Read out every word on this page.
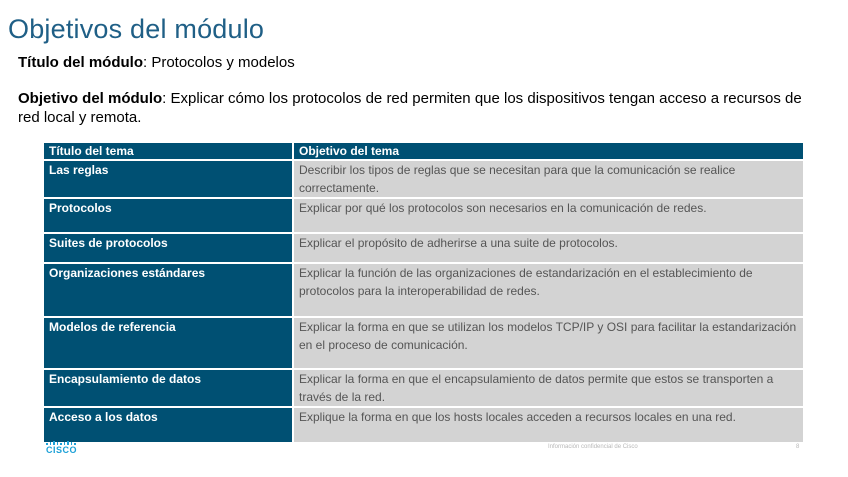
Objetivos del módulo
Título del módulo: Protocolos y modelos
Objetivo del módulo: Explicar cómo los protocolos de red permiten que los dispositivos tengan acceso a recursos de red local y remota.
Título del tema	Objetivo del tema
Las reglas	Describir los tipos de reglas que se necesitan para que la comunicación se realice correctamente.
Protocolos	Explicar por qué los protocolos son necesarios en la comunicación de redes.
Suites de protocolos	Explicar el propósito de adherirse a una suite de protocolos.
Organizaciones estándares	Explicar la función de las organizaciones de estandarización en el establecimiento de protocolos para la interoperabilidad de redes.
Modelos de referencia	Explicar la forma en que se utilizan los modelos TCP/IP y OSI para facilitar la estandarización en el proceso de comunicación.
Encapsulamiento de datos	Explicar la forma en que el encapsulamiento de datos permite que estos se transporten a través de la red.
Acceso a los datos	Explique la forma en que los hosts locales acceden a recursos locales en una red.
CISCO	Información confidencial de Cisco	8
